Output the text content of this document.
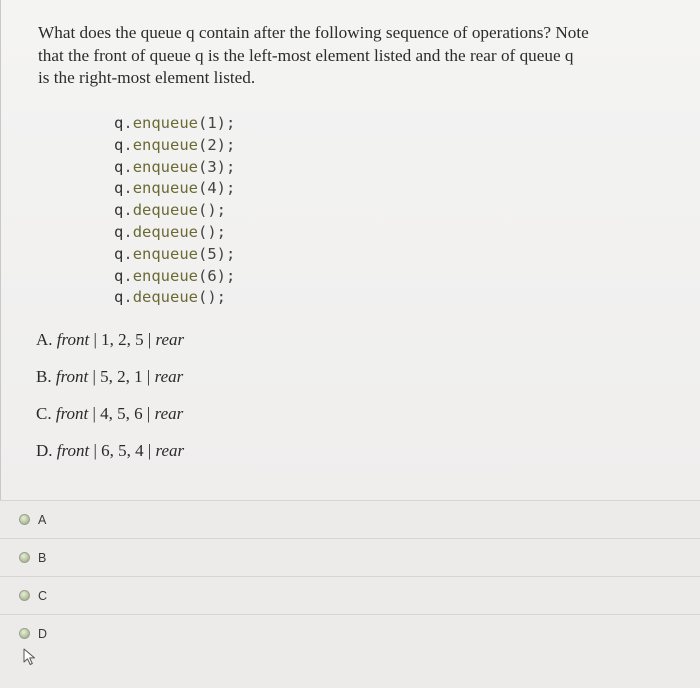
What does the queue q contain after the following sequence of operations? Note
that the front of queue q is the left-most element listed and the rear of queue q
is the right-most element listed.
q.enqueue(1);
q.enqueue(2);
q.enqueue(3);
q.enqueue(4);
q.dequeue();
q.dequeue();
q.enqueue(5);
q.enqueue(6);
q.dequeue();
A. front | 1, 2, 5 | rear
B. front | 5, 2, 1 | rear
C. front | 4, 5, 6 | rear
D. front | 6, 5, 4 | rear
A
B
C
D
